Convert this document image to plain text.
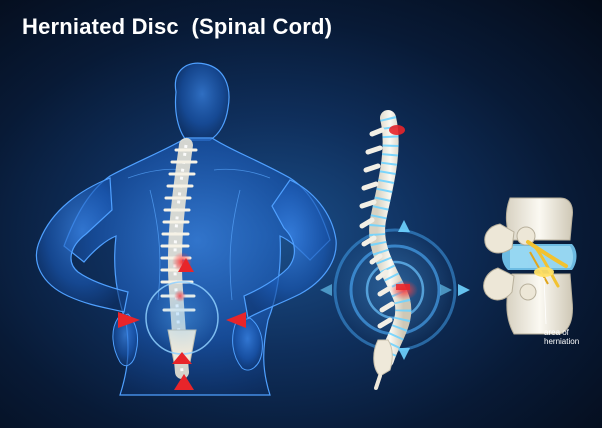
Herniated Disc  (Spinal Cord)
area of
herniation
